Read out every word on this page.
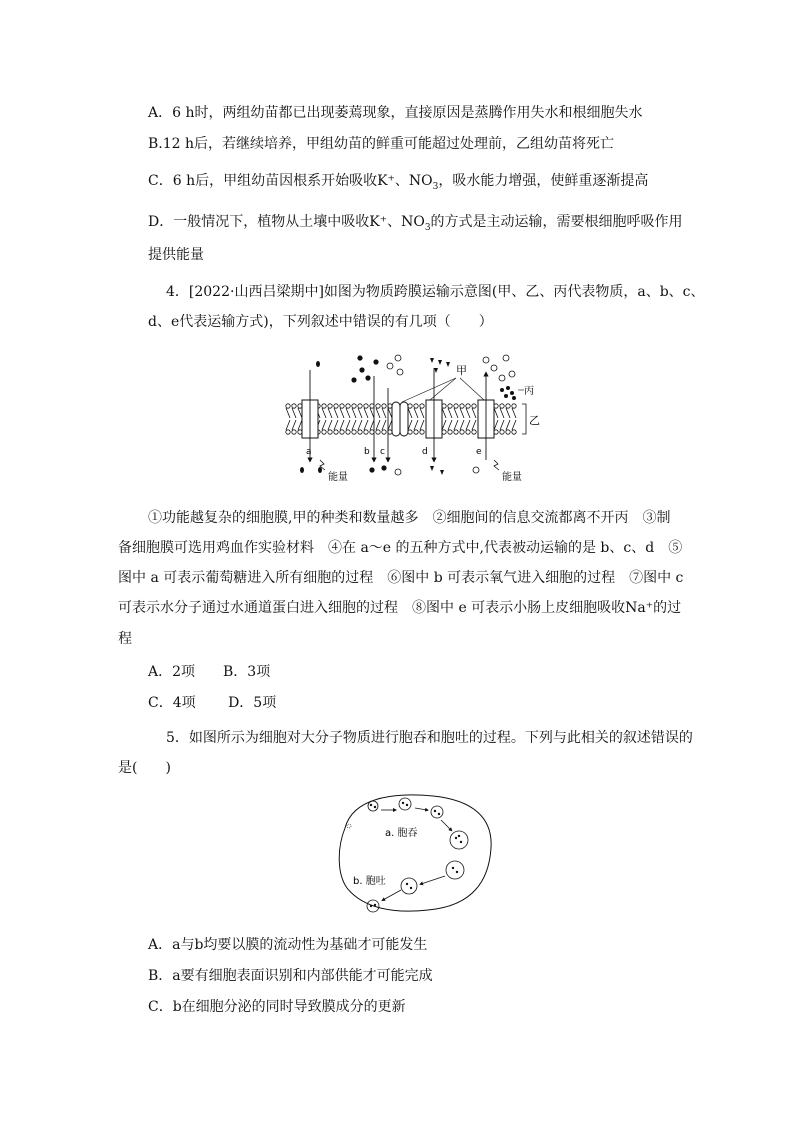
A．6 h时，两组幼苗都已出现萎蔫现象，直接原因是蒸腾作用失水和根细胞失水
B.12 h后，若继续培养，甲组幼苗的鲜重可能超过处理前，乙组幼苗将死亡
C．6 h后，甲组幼苗因根系开始吸收K⁺、$NO_3$，吸水能力增强，使鲜重逐渐提高
D．一般情况下，植物从土壤中吸收K⁺、$NO_3$的方式是主动运输，需要根细胞呼吸作用
提供能量
4．[2022·山西吕梁期中]如图为物质跨膜运输示意图(甲、乙、丙代表物质，a、b、c、
d、e代表运输方式)，下列叙述中错误的有几项（　　）
甲
丙
乙
a	b c	d	e
能量	能量
①功能越复杂的细胞膜,甲的种类和数量越多　②细胞间的信息交流都离不开丙　③制
备细胞膜可选用鸡血作实验材料　④在 a～e 的五种方式中,代表被动运输的是 b、c、d　⑤
图中 a 可表示葡萄糖进入所有细胞的过程　⑥图中 b 可表示氧气进入细胞的过程　⑦图中 c
可表示水分子通过水通道蛋白进入细胞的过程　⑧图中 e 可表示小肠上皮细胞吸收Na⁺的过
程
A．2项　　B．3项
C．4项　　 D．5项
5．如图所示为细胞对大分子物质进行胞吞和胞吐的过程。下列与此相关的叙述错误的
是(　　)
a. 胞吞
b. 胞吐
A．a与b均要以膜的流动性为基础才可能发生
B．a要有细胞表面识别和内部供能才可能完成
C．b在细胞分泌的同时导致膜成分的更新
